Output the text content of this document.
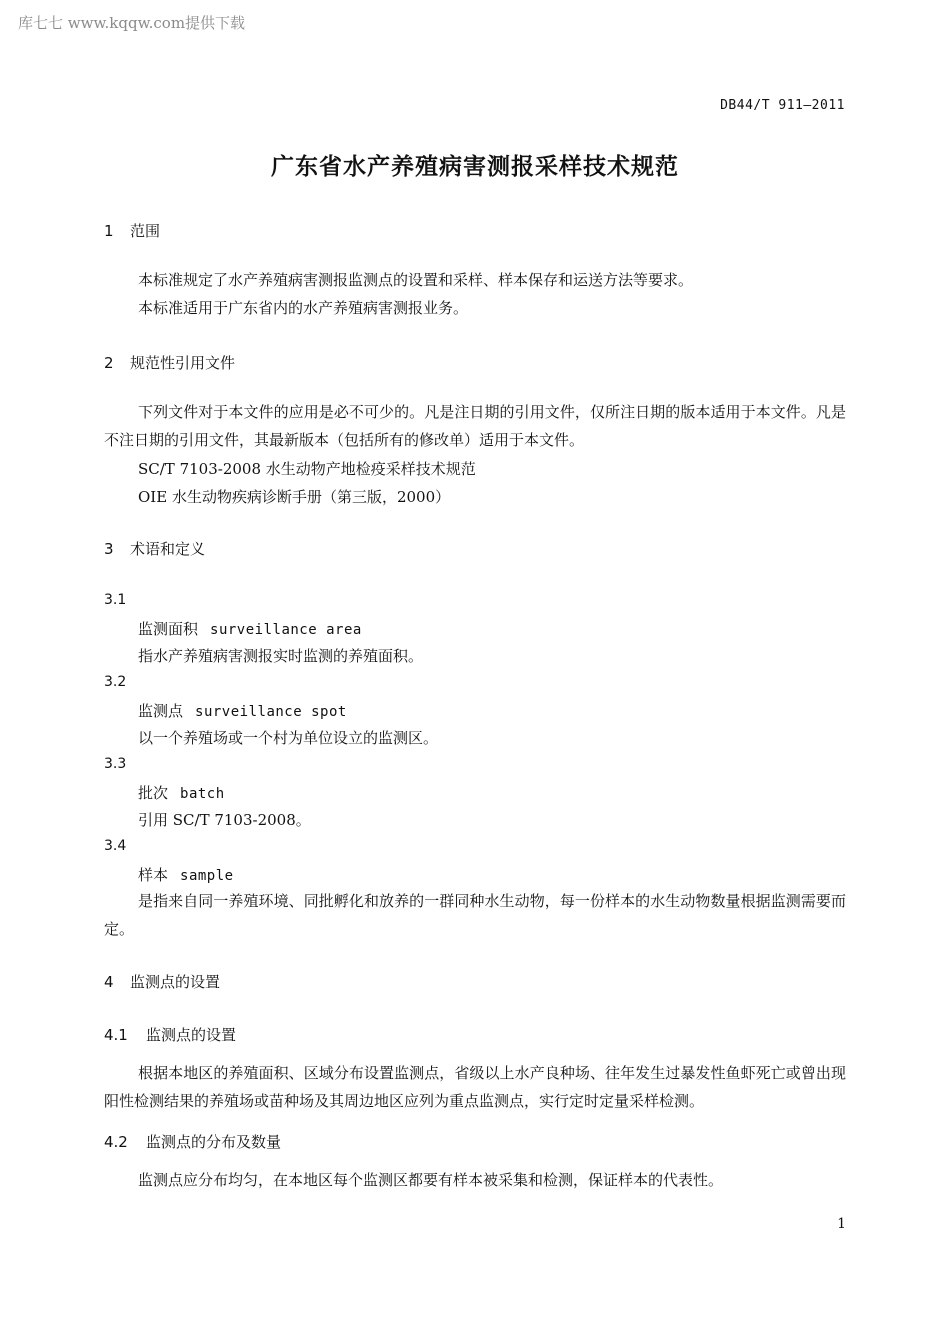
库七七 www.kqqw.com提供下载
DB44/T 911—2011
广东省水产养殖病害测报采样技术规范
1 范围
本标准规定了水产养殖病害测报监测点的设置和采样、样本保存和运送方法等要求。
本标准适用于广东省内的水产养殖病害测报业务。
2 规范性引用文件
下列文件对于本文件的应用是必不可少的。凡是注日期的引用文件，仅所注日期的版本适用于本文件。凡是不注日期的引用文件，其最新版本（包括所有的修改单）适用于本文件。
SC/T 7103-2008 水生动物产地检疫采样技术规范
OIE 水生动物疾病诊断手册（第三版，2000）
3 术语和定义
3.1
监测面积 surveillance area
指水产养殖病害测报实时监测的养殖面积。
3.2
监测点 surveillance spot
以一个养殖场或一个村为单位设立的监测区。
3.3
批次 batch
引用 SC/T 7103-2008。
3.4
样本 sample
是指来自同一养殖环境、同批孵化和放养的一群同种水生动物，每一份样本的水生动物数量根据监测需要而定。
4 监测点的设置
4.1 监测点的设置
根据本地区的养殖面积、区域分布设置监测点，省级以上水产良种场、往年发生过暴发性鱼虾死亡或曾出现阳性检测结果的养殖场或苗种场及其周边地区应列为重点监测点，实行定时定量采样检测。
4.2 监测点的分布及数量
监测点应分布均匀，在本地区每个监测区都要有样本被采集和检测，保证样本的代表性。
1
